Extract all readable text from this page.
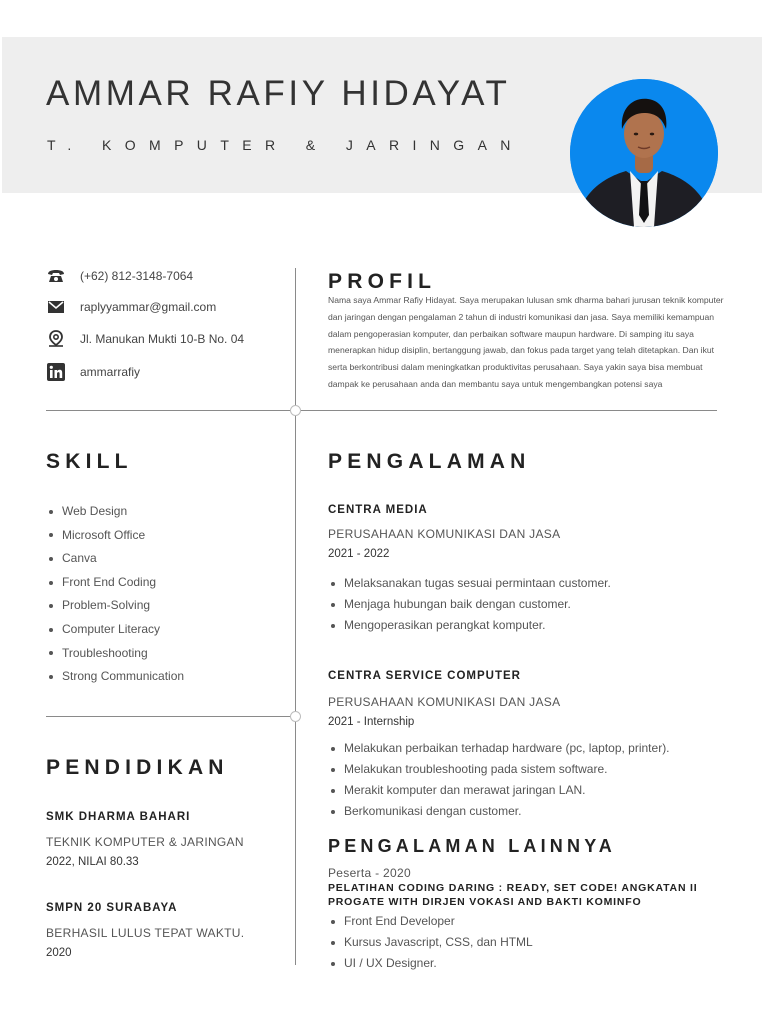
AMMAR RAFIY HIDAYAT
T. KOMPUTER & JARINGAN
(+62) 812-3148-7064
raplyyammar@gmail.com
Jl. Manukan Mukti 10-B No. 04
ammarrafiy
PROFIL

Nama saya Ammar Rafiy Hidayat. Saya merupakan lulusan smk dharma bahari jurusan teknik komputer dan jaringan dengan pengalaman 2 tahun di industri komunikasi dan jasa. Saya memiliki kemampuan dalam pengoperasian komputer, dan perbaikan software maupun hardware. Di samping itu saya menerapkan hidup disiplin, bertanggung jawab, dan fokus pada target yang telah ditetapkan. Dan ikut serta berkontribusi dalam meningkatkan produktivitas perusahaan. Saya yakin saya bisa membuat dampak ke perusahaan anda dan membantu saya untuk mengembangkan potensi saya

SKILL
Web Design
Microsoft Office
Canva
Front End Coding
Problem-Solving
Computer Literacy
Troubleshooting
Strong Communication
PENDIDIKAN
SMK DHARMA BAHARI
TEKNIK KOMPUTER & JARINGAN
2022, NILAI 80.33
SMPN 20 SURABAYA
BERHASIL LULUS TEPAT WAKTU.
2020
PENGALAMAN
CENTRA MEDIA
PERUSAHAAN KOMUNIKASI DAN JASA
2021 - 2022
Melaksanakan tugas sesuai permintaan customer.
Menjaga hubungan baik dengan customer.
Mengoperasikan perangkat komputer.
CENTRA SERVICE COMPUTER
PERUSAHAAN KOMUNIKASI DAN JASA
2021 - Internship
Melakukan perbaikan terhadap hardware (pc, laptop, printer).
Melakukan troubleshooting pada sistem software.
Merakit komputer dan merawat jaringan LAN.
Berkomunikasi dengan customer.
PENGALAMAN LAINNYA
Peserta - 2020
PELATIHAN CODING DARING : READY, SET CODE! ANGKATAN II PROGATE WITH DIRJEN VOKASI AND BAKTI KOMINFO
Front End Developer
Kursus Javascript, CSS, dan HTML
UI / UX Designer.
